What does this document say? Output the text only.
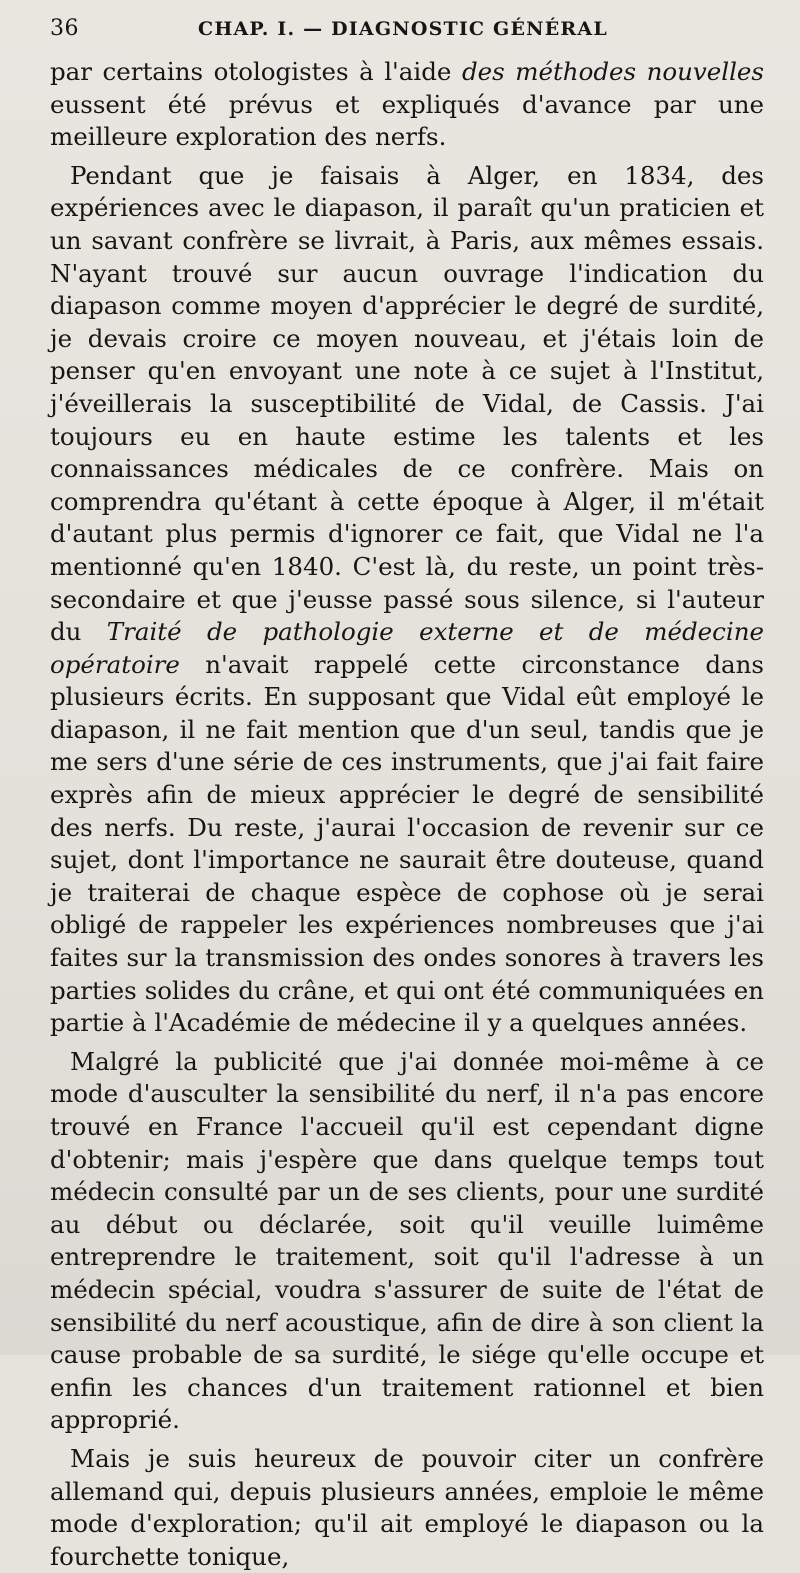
36	CHAP. I. — DIAGNOSTIC GÉNÉRAL

par certains otologistes à l'aide des méthodes nouvelles eussent été prévus et expliqués d'avance par une meilleure exploration des nerfs.

Pendant que je faisais à Alger, en 1834, des expériences avec le diapason, il paraît qu'un praticien et un savant confrère se livrait, à Paris, aux mêmes essais. N'ayant trouvé sur aucun ouvrage l'indication du diapason comme moyen d'apprécier le degré de surdité, je devais croire ce moyen nouveau, et j'étais loin de penser qu'en envoyant une note à ce sujet à l'Institut, j'éveillerais la susceptibilité de Vidal, de Cassis. J'ai toujours eu en haute estime les talents et les connaissances médicales de ce confrère. Mais on comprendra qu'étant à cette époque à Alger, il m'était d'autant plus permis d'ignorer ce fait, que Vidal ne l'a mentionné qu'en 1840. C'est là, du reste, un point très-secondaire et que j'eusse passé sous silence, si l'auteur du Traité de pathologie externe et de médecine opératoire n'avait rappelé cette circonstance dans plusieurs écrits. En supposant que Vidal eût employé le diapason, il ne fait mention que d'un seul, tandis que je me sers d'une série de ces instruments, que j'ai fait faire exprès afin de mieux apprécier le degré de sensibilité des nerfs. Du reste, j'aurai l'occasion de revenir sur ce sujet, dont l'importance ne saurait être douteuse, quand je traiterai de chaque espèce de cophose où je serai obligé de rappeler les expériences nombreuses que j'ai faites sur la transmission des ondes sonores à travers les parties solides du crâne, et qui ont été communiquées en partie à l'Académie de médecine il y a quelques années.

Malgré la publicité que j'ai donnée moi-même à ce mode d'ausculter la sensibilité du nerf, il n'a pas encore trouvé en France l'accueil qu'il est cependant digne d'obtenir; mais j'espère que dans quelque temps tout médecin consulté par un de ses clients, pour une surdité au début ou déclarée, soit qu'il veuille luimême entreprendre le traitement, soit qu'il l'adresse à un médecin spécial, voudra s'assurer de suite de l'état de sensibilité du nerf acoustique, afin de dire à son client la cause probable de sa surdité, le siége qu'elle occupe et enfin les chances d'un traitement rationnel et bien approprié.

Mais je suis heureux de pouvoir citer un confrère allemand qui, depuis plusieurs années, emploie le même mode d'exploration; qu'il ait employé le diapason ou la fourchette tonique,
